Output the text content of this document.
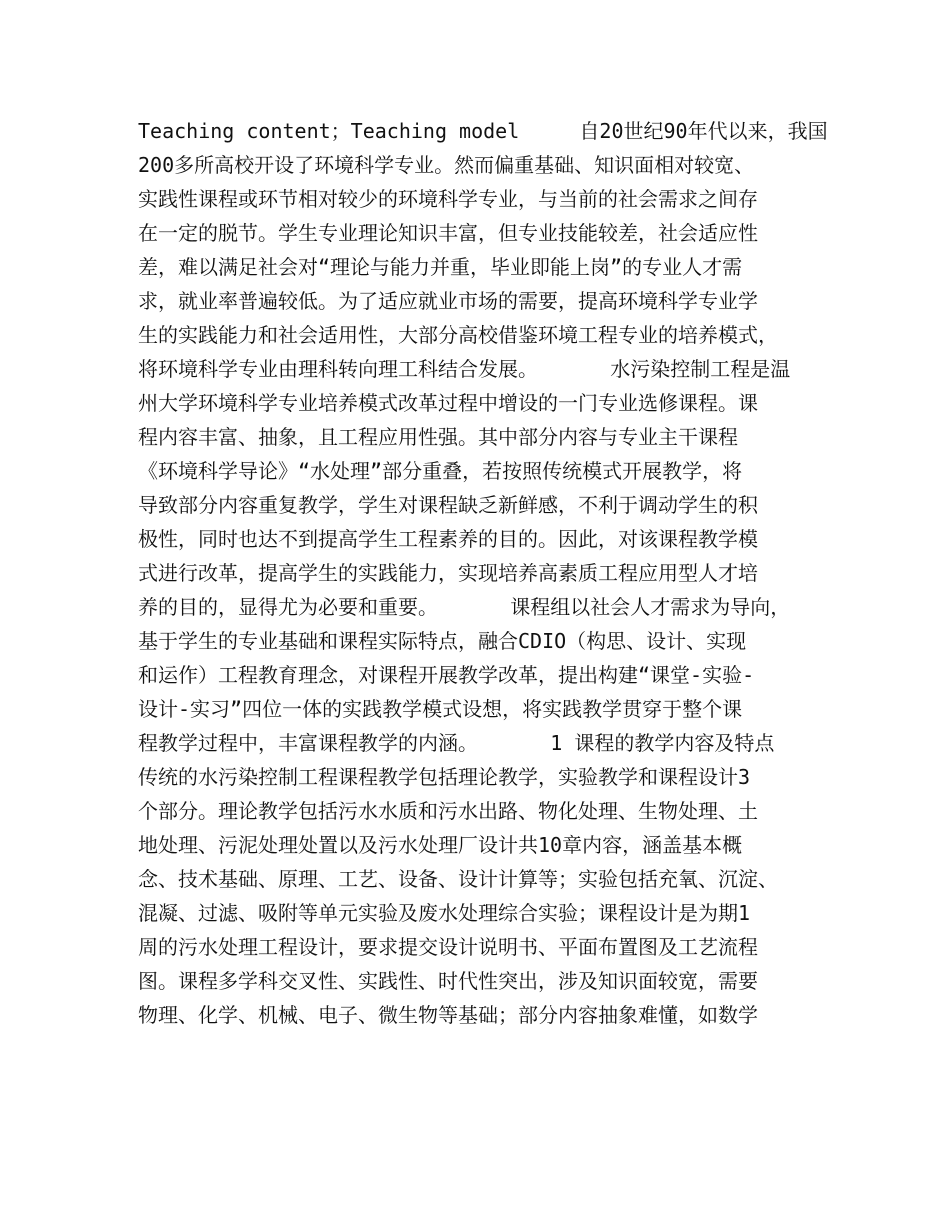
Teaching content；Teaching model     自20世纪90年代以来，我国
200多所高校开设了环境科学专业。然而偏重基础、知识面相对较宽、
实践性课程或环节相对较少的环境科学专业，与当前的社会需求之间存
在一定的脱节。学生专业理论知识丰富，但专业技能较差，社会适应性
差，难以满足社会对“理论与能力并重，毕业即能上岗”的专业人才需
求，就业率普遍较低。为了适应就业市场的需要，提高环境科学专业学
生的实践能力和社会适用性，大部分高校借鉴环境工程专业的培养模式，
将环境科学专业由理科转向理工科结合发展。      水污染控制工程是温
州大学环境科学专业培养模式改革过程中增设的一门专业选修课程。课
程内容丰富、抽象，且工程应用性强。其中部分内容与专业主干课程
《环境科学导论》“水处理”部分重叠，若按照传统模式开展教学，将
导致部分内容重复教学，学生对课程缺乏新鲜感，不利于调动学生的积
极性，同时也达不到提高学生工程素养的目的。因此，对该课程教学模
式进行改革，提高学生的实践能力，实现培养高素质工程应用型人才培
养的目的，显得尤为必要和重要。      课程组以社会人才需求为导向，
基于学生的专业基础和课程实际特点，融合CDIO（构思、设计、实现
和运作）工程教育理念，对课程开展教学改革，提出构建“课堂-实验-
设计-实习”四位一体的实践教学模式设想，将实践教学贯穿于整个课
程教学过程中，丰富课程教学的内涵。      1 课程的教学内容及特点
传统的水污染控制工程课程教学包括理论教学，实验教学和课程设计3
个部分。理论教学包括污水水质和污水出路、物化处理、生物处理、土
地处理、污泥处理处置以及污水处理厂设计共10章内容，涵盖基本概
念、技术基础、原理、工艺、设备、设计计算等；实验包括充氧、沉淀、
混凝、过滤、吸附等单元实验及废水处理综合实验；课程设计是为期1
周的污水处理工程设计，要求提交设计说明书、平面布置图及工艺流程
图。课程多学科交叉性、实践性、时代性突出，涉及知识面较宽，需要
物理、化学、机械、电子、微生物等基础；部分内容抽象难懂，如数学
